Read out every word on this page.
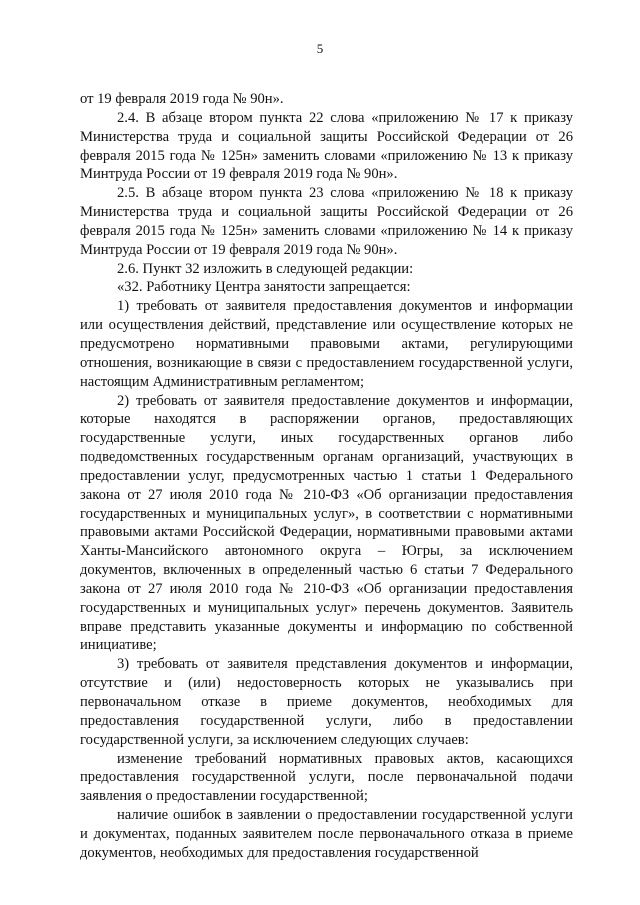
5

от 19 февраля 2019 года № 90н».

2.4. В абзаце втором пункта 22 слова «приложению № 17 к приказу Министерства труда и социальной защиты Российской Федерации от 26 февраля 2015 года № 125н» заменить словами «приложению № 13 к приказу Минтруда России от 19 февраля 2019 года № 90н».

2.5. В абзаце втором пункта 23 слова «приложению № 18 к приказу Министерства труда и социальной защиты Российской Федерации от 26 февраля 2015 года № 125н» заменить словами «приложению № 14 к приказу Минтруда России от 19 февраля 2019 года № 90н».

2.6. Пункт 32 изложить в следующей редакции:

«32. Работнику Центра занятости запрещается:

1) требовать от заявителя предоставления документов и информации или осуществления действий, представление или осуществление которых не предусмотрено нормативными правовыми актами, регулирующими отношения, возникающие в связи с предоставлением государственной услуги, настоящим Административным регламентом;

2) требовать от заявителя предоставление документов и информации, которые находятся в распоряжении органов, предоставляющих государственные услуги, иных государственных органов либо подведомственных государственным органам организаций, участвующих в предоставлении услуг, предусмотренных частью 1 статьи 1 Федерального закона от 27 июля 2010 года № 210-ФЗ «Об организации предоставления государственных и муниципальных услуг», в соответствии с нормативными правовыми актами Российской Федерации, нормативными правовыми актами Ханты-Мансийского автономного округа – Югры, за исключением документов, включенных в определенный частью 6 статьи 7 Федерального закона от 27 июля 2010 года № 210-ФЗ «Об организации предоставления государственных и муниципальных услуг» перечень документов. Заявитель вправе представить указанные документы и информацию по собственной инициативе;

3) требовать от заявителя представления документов и информации, отсутствие и (или) недостоверность которых не указывались при первоначальном отказе в приеме документов, необходимых для предоставления государственной услуги, либо в предоставлении государственной услуги, за исключением следующих случаев:

изменение требований нормативных правовых актов, касающихся предоставления государственной услуги, после первоначальной подачи заявления о предоставлении государственной;

наличие ошибок в заявлении о предоставлении государственной услуги и документах, поданных заявителем после первоначального отказа в приеме документов, необходимых для предоставления государственной
